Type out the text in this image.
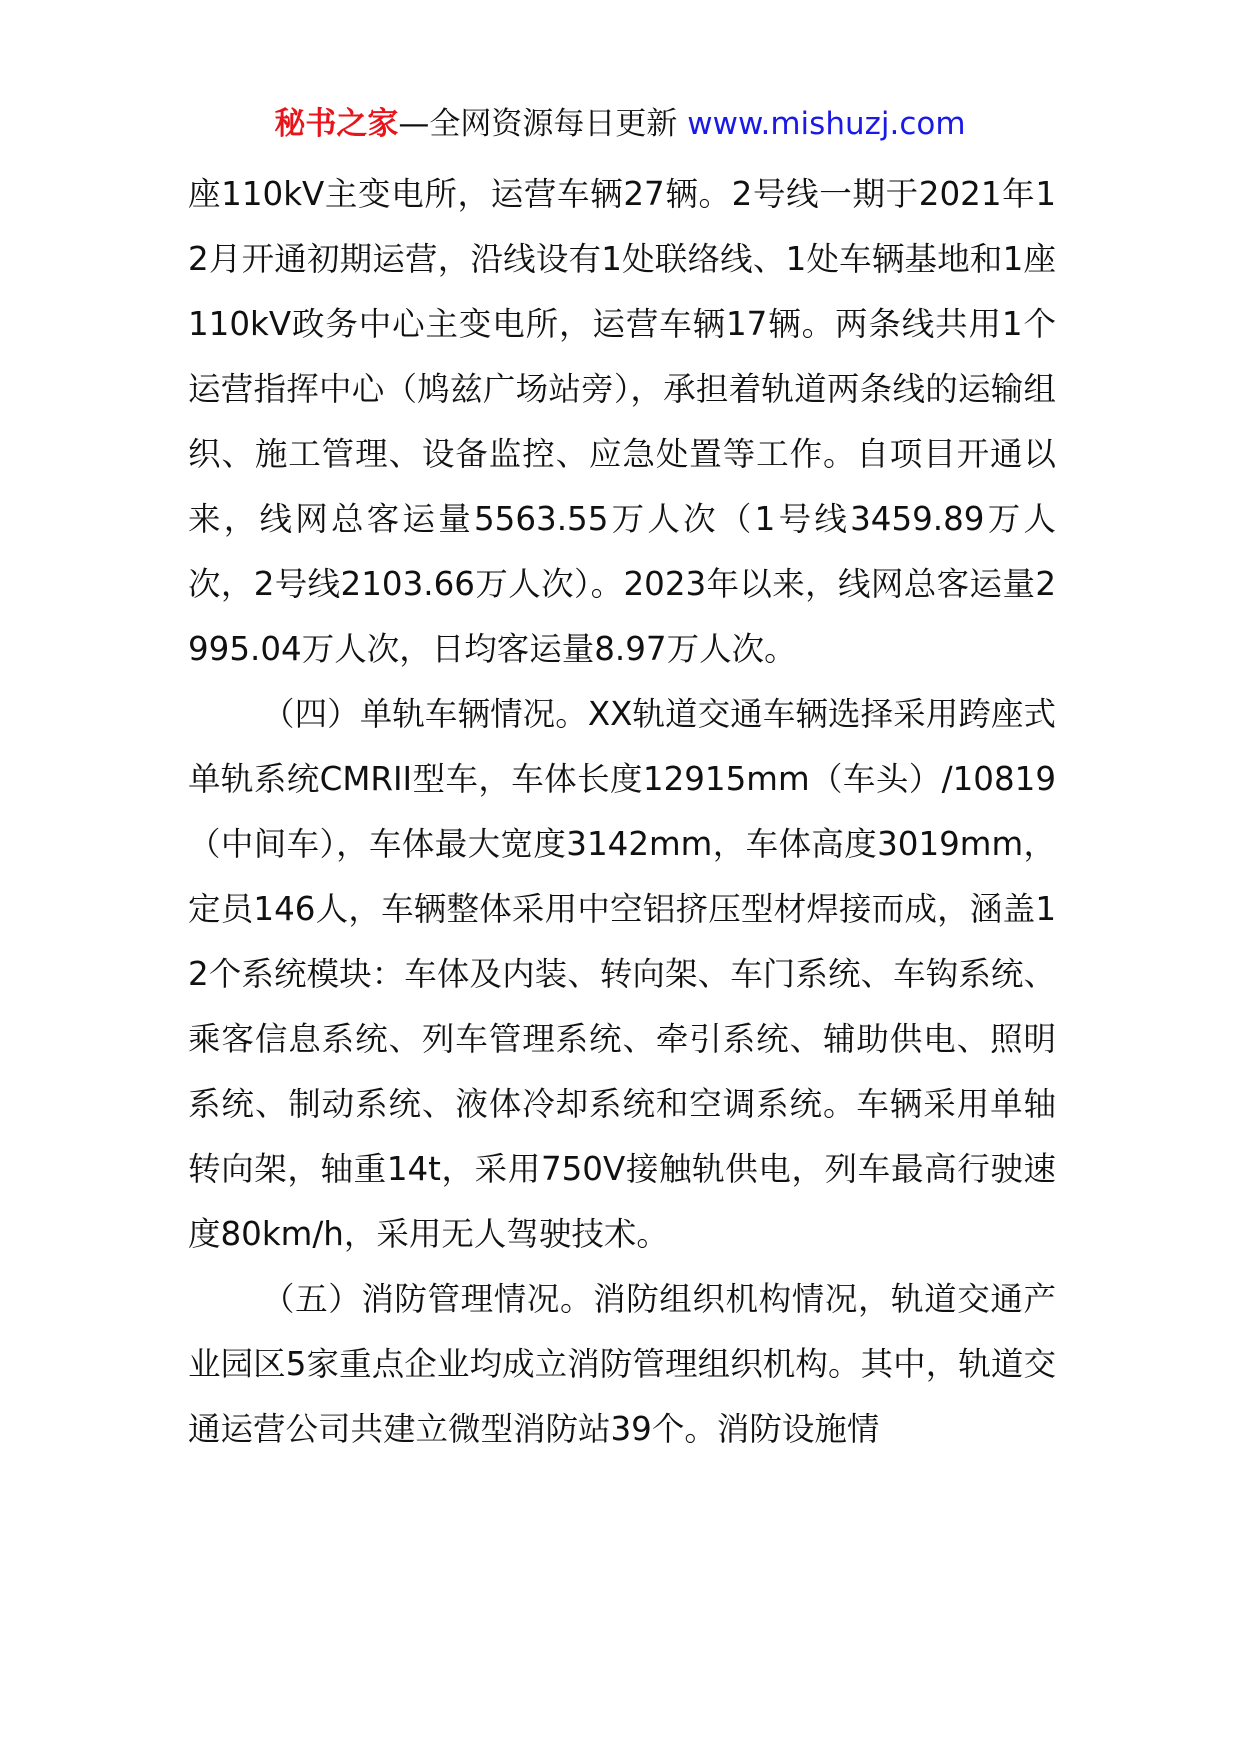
秘书之家—全网资源每日更新 www.mishuzj.com

座110kV主变电所，运营车辆27辆。2号线一期于2021年12月开通初期运营，沿线设有1处联络线、1处车辆基地和1座110kV政务中心主变电所，运营车辆17辆。两条线共用1个运营指挥中心（鸠兹广场站旁），承担着轨道两条线的运输组织、施工管理、设备监控、应急处置等工作。自项目开通以来，线网总客运量5563.55万人次（1号线3459.89万人次，2号线2103.66万人次）。2023年以来，线网总客运量2995.04万人次，日均客运量8.97万人次。

（四）单轨车辆情况。XX轨道交通车辆选择采用跨座式单轨系统CMRII型车，车体长度12915mm（车头）/10819（中间车），车体最大宽度3142mm，车体高度3019mm，定员146人，车辆整体采用中空铝挤压型材焊接而成，涵盖12个系统模块：车体及内装、转向架、车门系统、车钩系统、乘客信息系统、列车管理系统、牵引系统、辅助供电、照明系统、制动系统、液体冷却系统和空调系统。车辆采用单轴转向架，轴重14t，采用750V接触轨供电，列车最高行驶速度80km/h，采用无人驾驶技术。

（五）消防管理情况。消防组织机构情况，轨道交通产业园区5家重点企业均成立消防管理组织机构。其中，轨道交通运营公司共建立微型消防站39个。消防设施情
